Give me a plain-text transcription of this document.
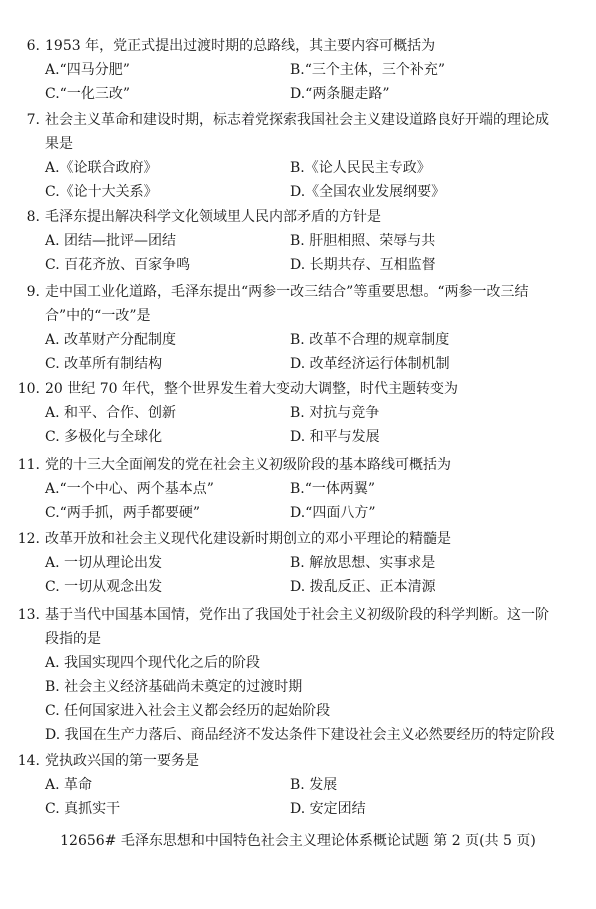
6. 1953 年，党正式提出过渡时期的总路线，其主要内容可概括为
A.“四马分肥”	B.“三个主体，三个补充”
C.“一化三改”	D.“两条腿走路”
7. 社会主义革命和建设时期，标志着党探索我国社会主义建设道路良好开端的理论成
果是
A.《论联合政府》	B.《论人民民主专政》
C.《论十大关系》	D.《全国农业发展纲要》
8. 毛泽东提出解决科学文化领域里人民内部矛盾的方针是
A. 团结—批评—团结	B. 肝胆相照、荣辱与共
C. 百花齐放、百家争鸣	D. 长期共存、互相监督
9. 走中国工业化道路，毛泽东提出“两参一改三结合”等重要思想。“两参一改三结
合”中的“一改”是
A. 改革财产分配制度	B. 改革不合理的规章制度
C. 改革所有制结构	D. 改革经济运行体制机制
10. 20 世纪 70 年代，整个世界发生着大变动大调整，时代主题转变为
A. 和平、合作、创新	B. 对抗与竞争
C. 多极化与全球化	D. 和平与发展
11. 党的十三大全面阐发的党在社会主义初级阶段的基本路线可概括为
A.“一个中心、两个基本点”	B.“一体两翼”
C.“两手抓，两手都要硬”	D.“四面八方”
12. 改革开放和社会主义现代化建设新时期创立的邓小平理论的精髓是
A. 一切从理论出发	B. 解放思想、实事求是
C. 一切从观念出发	D. 拨乱反正、正本清源
13. 基于当代中国基本国情，党作出了我国处于社会主义初级阶段的科学判断。这一阶
段指的是
A. 我国实现四个现代化之后的阶段
B. 社会主义经济基础尚未奠定的过渡时期
C. 任何国家进入社会主义都会经历的起始阶段
D. 我国在生产力落后、商品经济不发达条件下建设社会主义必然要经历的特定阶段
14. 党执政兴国的第一要务是
A. 革命	B. 发展
C. 真抓实干	D. 安定团结
12656# 毛泽东思想和中国特色社会主义理论体系概论试题 第 2 页(共 5 页)
